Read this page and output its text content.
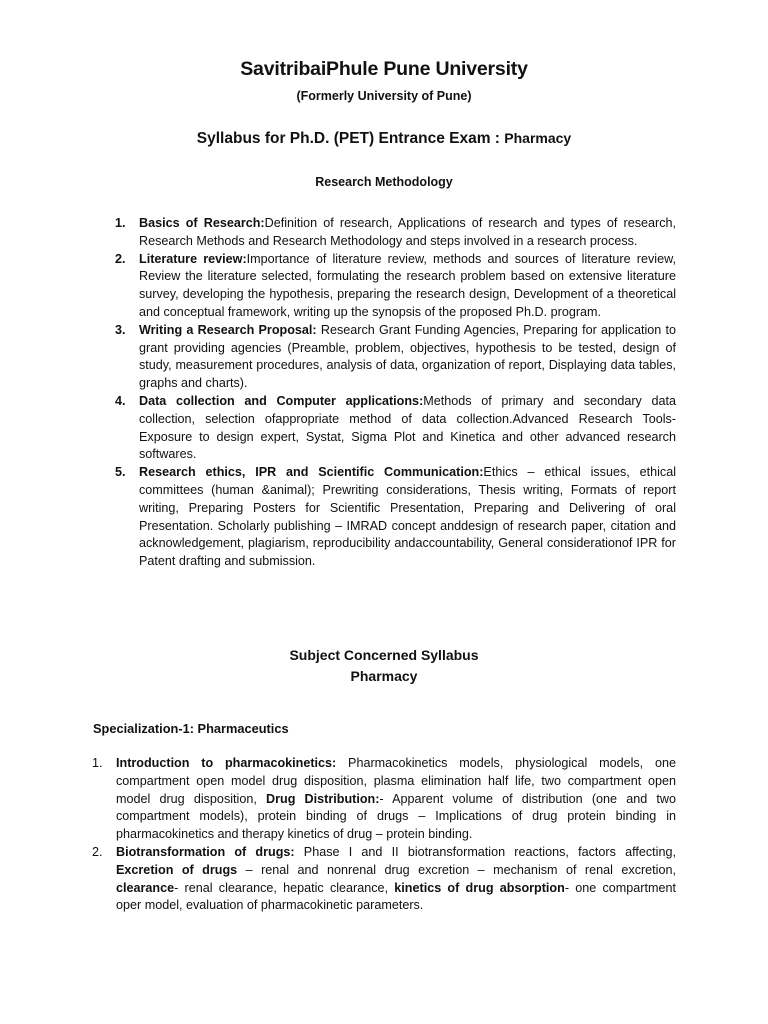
SavitribaiPhule Pune University
(Formerly University of Pune)
Syllabus for Ph.D. (PET) Entrance Exam : Pharmacy
Research Methodology
1. Basics of Research:Definition of research, Applications of research and types of research, Research Methods and Research Methodology and steps involved in a research process.
2. Literature review:Importance of literature review, methods and sources of literature review, Review the literature selected, formulating the research problem based on extensive literature survey, developing the hypothesis, preparing the research design, Development of a theoretical and conceptual framework, writing up the synopsis of the proposed Ph.D. program.
3. Writing a Research Proposal: Research Grant Funding Agencies, Preparing for application to grant providing agencies (Preamble, problem, objectives, hypothesis to be tested, design of study, measurement procedures, analysis of data, organization of report, Displaying data tables, graphs and charts).
4. Data collection and Computer applications:Methods of primary and secondary data collection, selection ofappropriate method of data collection.Advanced Research Tools- Exposure to design expert, Systat, Sigma Plot and Kinetica and other advanced research softwares.
5. Research ethics, IPR and Scientific Communication:Ethics – ethical issues, ethical committees (human &animal); Prewriting considerations, Thesis writing, Formats of report writing, Preparing Posters for Scientific Presentation, Preparing and Delivering of oral Presentation. Scholarly publishing – IMRAD concept anddesign of research paper, citation and acknowledgement, plagiarism, reproducibility andaccountability, General considerationof IPR for Patent drafting and submission.
Subject Concerned Syllabus
Pharmacy
Specialization-1: Pharmaceutics
1. Introduction to pharmacokinetics: Pharmacokinetics models, physiological models, one compartment open model drug disposition, plasma elimination half life, two compartment open model drug disposition, Drug Distribution:- Apparent volume of distribution (one and two compartment models), protein binding of drugs – Implications of drug protein binding in pharmacokinetics and therapy kinetics of drug – protein binding.
2. Biotransformation of drugs: Phase I and II biotransformation reactions, factors affecting, Excretion of drugs – renal and nonrenal drug excretion – mechanism of renal excretion, clearance- renal clearance, hepatic clearance, kinetics of drug absorption- one compartment oper model, evaluation of pharmacokinetic parameters.
